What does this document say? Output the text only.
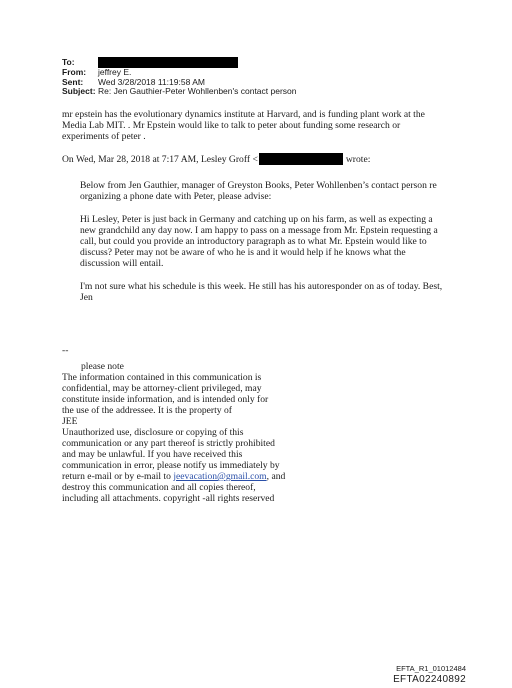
To:
From:	jeffrey E.
Sent:	Wed 3/28/2018 11:19:58 AM
Subject: Re: Jen Gauthier-Peter Wohllenben's contact person

mr epstein has the evolutionary dynamics institute at Harvard, and is funding plant work at the

Media Lab MIT. . Mr Epstein would like to talk to peter about funding some research or

experiments of peter .

On Wed, Mar 28, 2018 at 7:17 AM, Lesley Groff <	wrote:

Below from Jen Gauthier, manager of Greyston Books, Peter Wohllenben’s contact person re

organizing a phone date with Peter, please advise:

Hi Lesley, Peter is just back in Germany and catching up on his farm, as well as expecting a

new grandchild any day now. I am happy to pass on a message from Mr. Epstein requesting a

call, but could you provide an introductory paragraph as to what Mr. Epstein would like to

discuss? Peter may not be aware of who he is and it would help if he knows what the

discussion will entail.

I'm not sure what his schedule is this week. He still has his autoresponder on as of today. Best,

Jen

--

please note

The information contained in this communication is

confidential, may be attorney-client privileged, may

constitute inside information, and is intended only for

the use of the addressee. It is the property of

JEE

Unauthorized use, disclosure or copying of this

communication or any part thereof is strictly prohibited

and may be unlawful. If you have received this

communication in error, please notify us immediately by

return e-mail or by e-mail to jeevacation@gmail.com, and

destroy this communication and all copies thereof,

including all attachments. copyright -all rights reserved

EFTA_R1_01012484
EFTA02240892
